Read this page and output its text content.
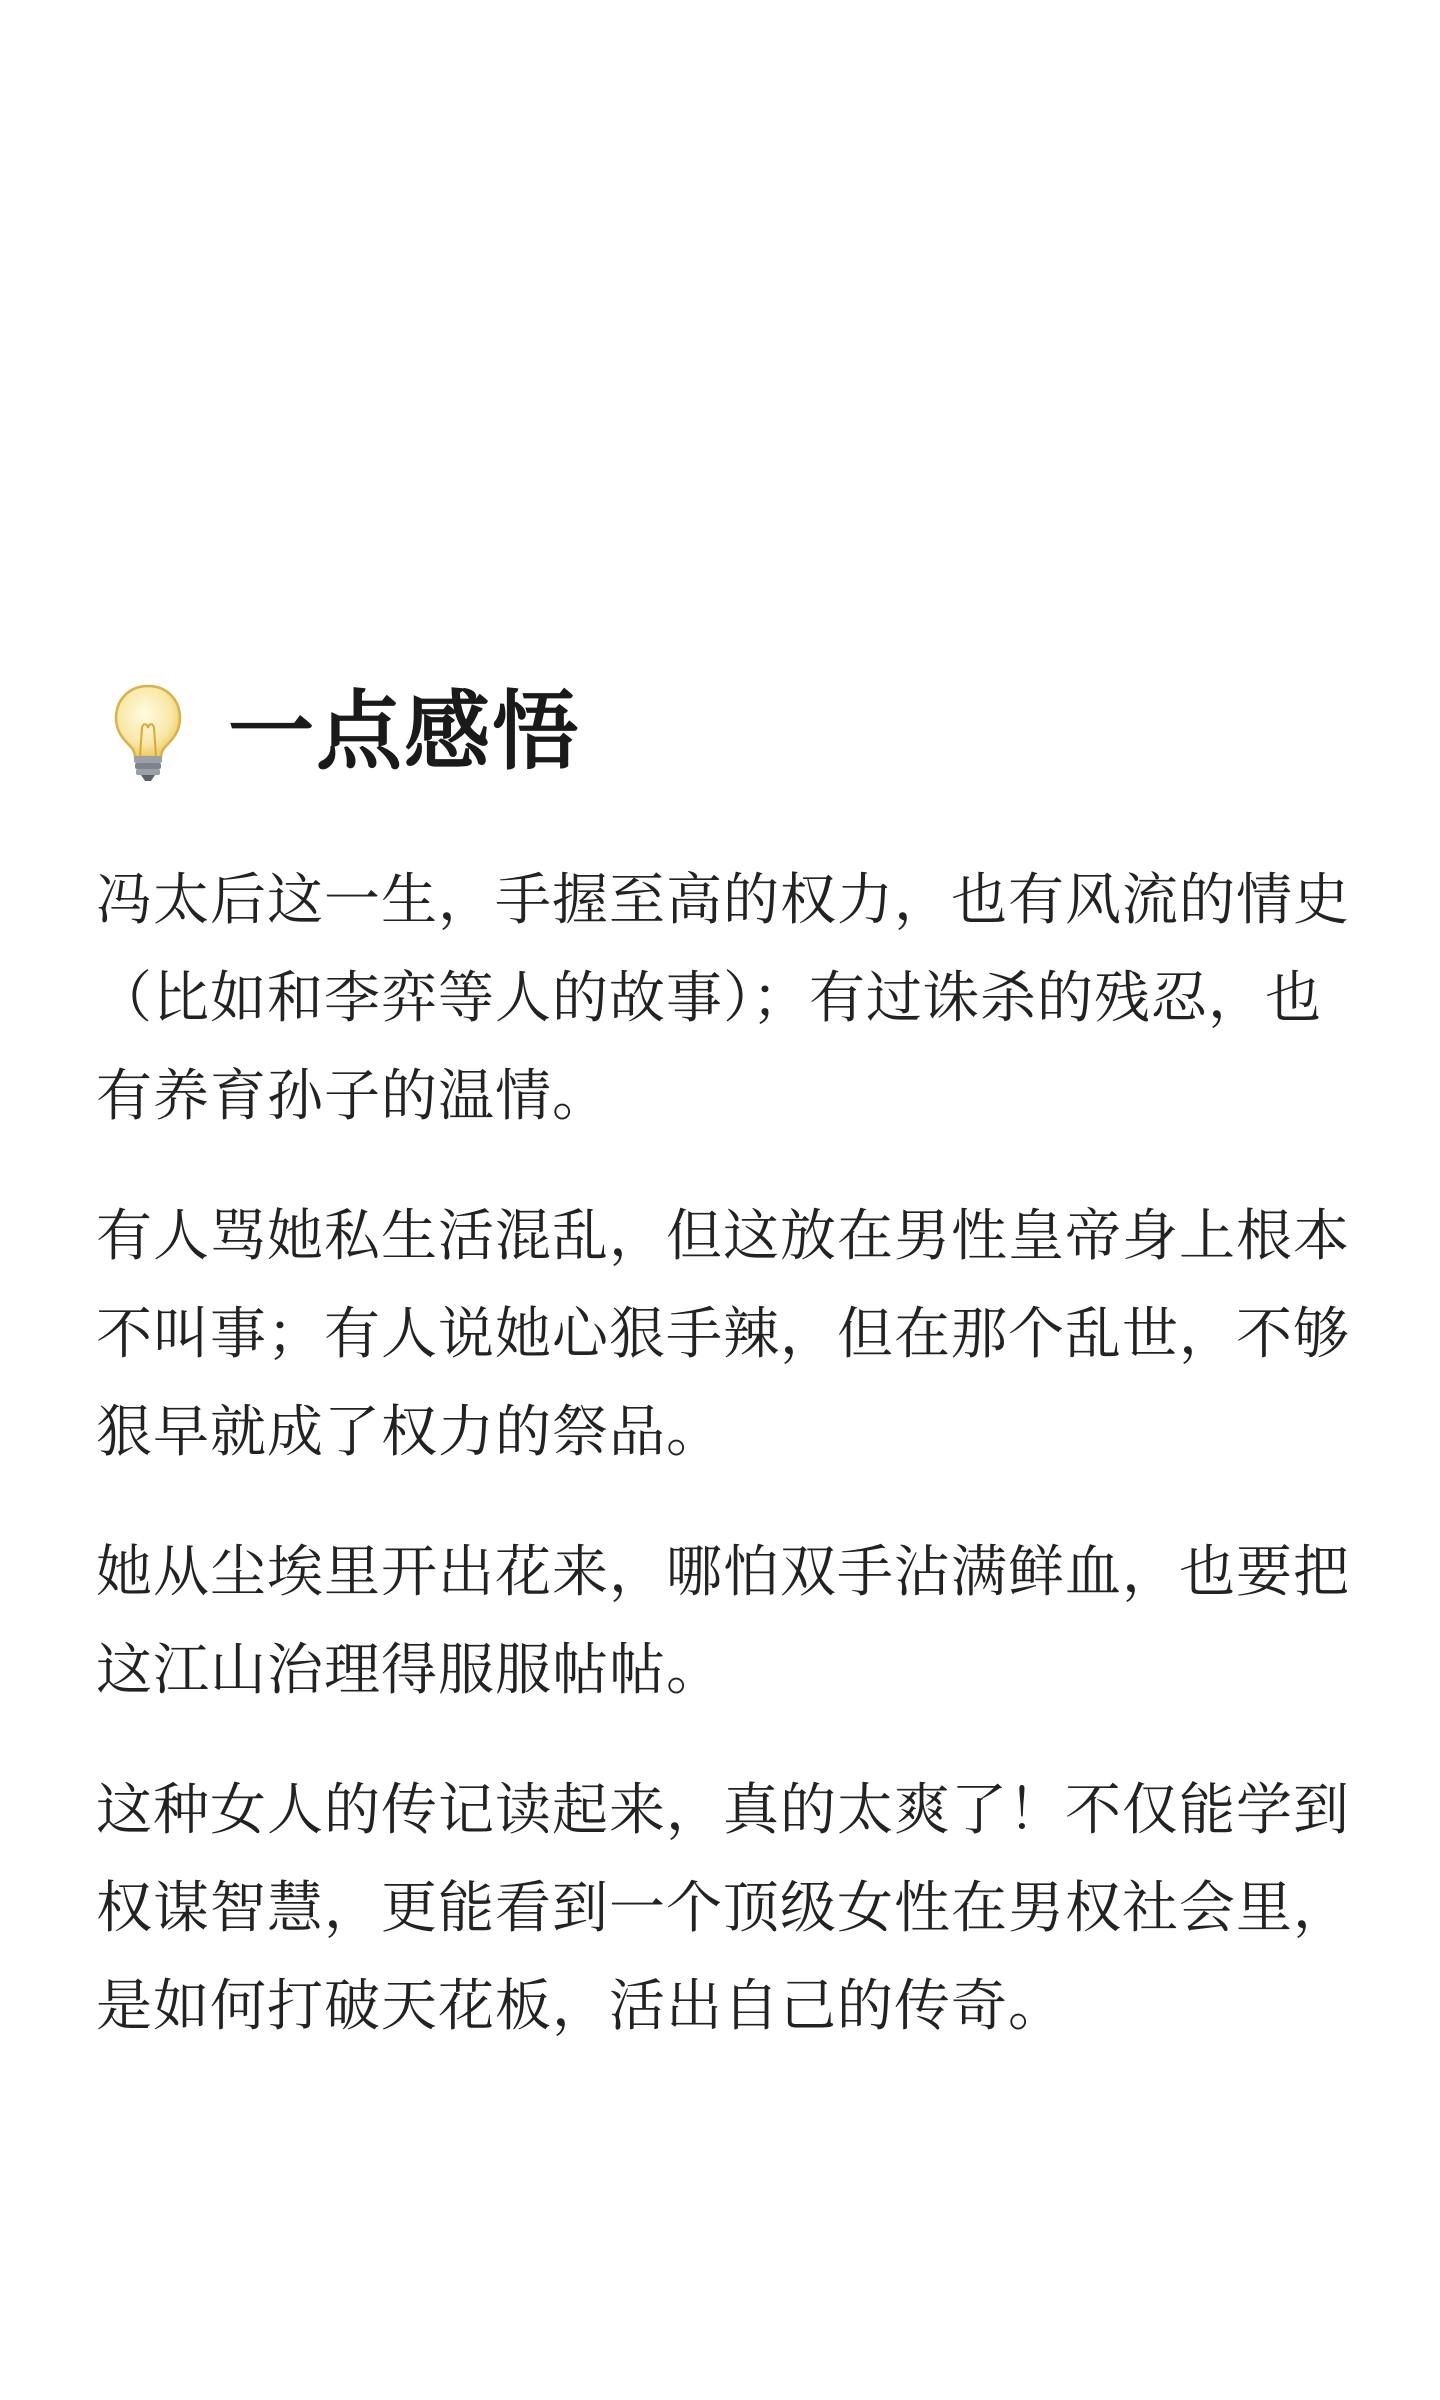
一点感悟

冯太后这一生，手握至高的权力，也有风流的情史
（比如和李弈等人的故事）；有过诛杀的残忍，也
有养育孙子的温情。

有人骂她私生活混乱，但这放在男性皇帝身上根本
不叫事；有人说她心狠手辣，但在那个乱世，不够
狠早就成了权力的祭品。

她从尘埃里开出花来，哪怕双手沾满鲜血，也要把
这江山治理得服服帖帖。

这种女人的传记读起来，真的太爽了！不仅能学到
权谋智慧，更能看到一个顶级女性在男权社会里，
是如何打破天花板，活出自己的传奇。
